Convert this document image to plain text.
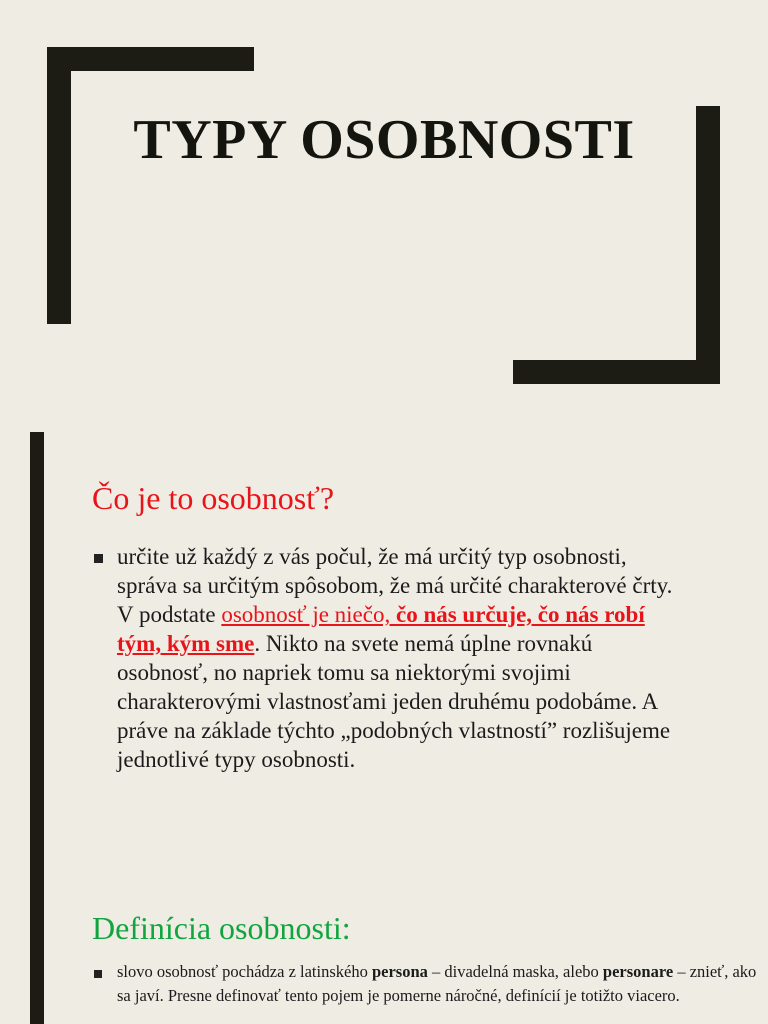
TYPY OSOBNOSTI
Čo je to osobnosť?
určite už každý z vás počul, že má určitý typ osobnosti, správa sa určitým spôsobom, že má určité charakterové črty. V podstate osobnosť je niečo, čo nás určuje, čo nás robí tým, kým sme. Nikto na svete nemá úplne rovnakú osobnosť, no napriek tomu sa niektorými svojimi charakterovými vlastnosťami jeden druhému podobáme. A práve na základe týchto „podobných vlastností” rozlišujeme jednotlivé typy osobnosti.
Definícia osobnosti:
slovo osobnosť pochádza z latinského persona – divadelná maska, alebo personare – znieť, ako sa javí. Presne definovať tento pojem je pomerne náročné, definícií je totižto viacero.
